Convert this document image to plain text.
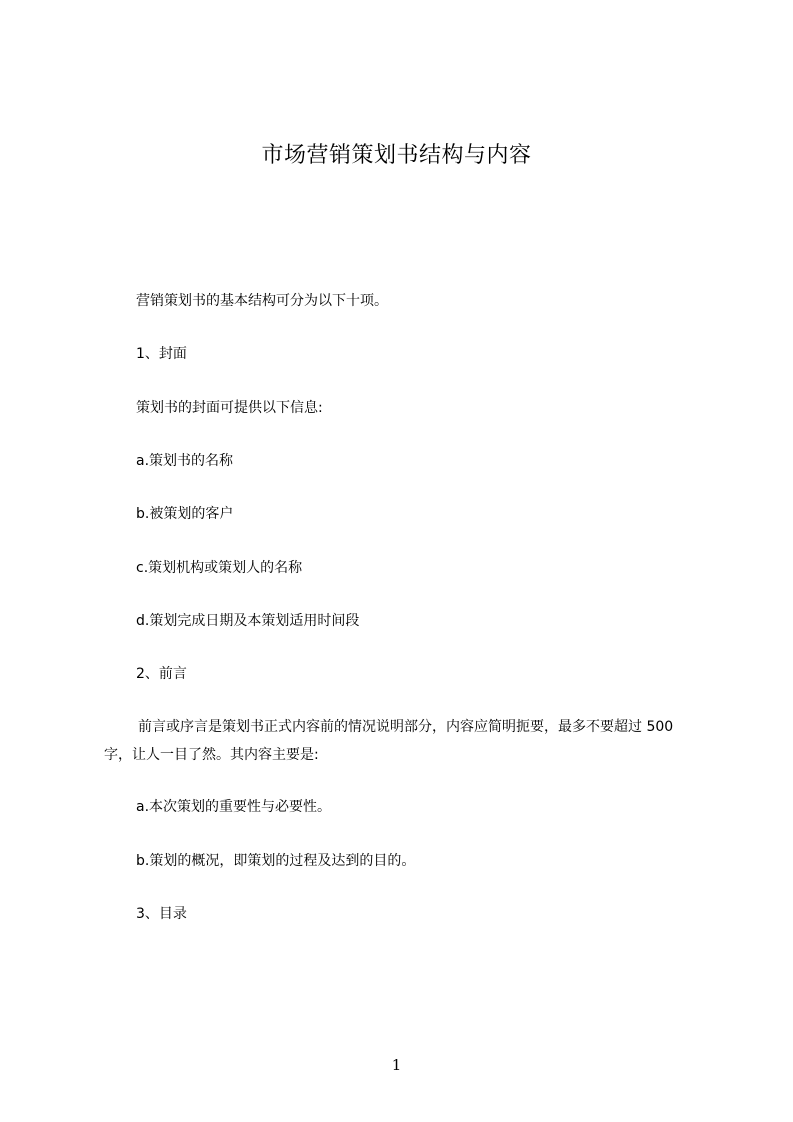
市场营销策划书结构与内容
营销策划书的基本结构可分为以下十项。
1、封面
策划书的封面可提供以下信息:
a.策划书的名称
b.被策划的客户
c.策划机构或策划人的名称
d.策划完成日期及本策划适用时间段
2、前言
前言或序言是策划书正式内容前的情况说明部分，内容应简明扼要，最多不要超过 500 字，让人一目了然。其内容主要是:
a.本次策划的重要性与必要性。
b.策划的概况，即策划的过程及达到的目的。
3、目录
1
